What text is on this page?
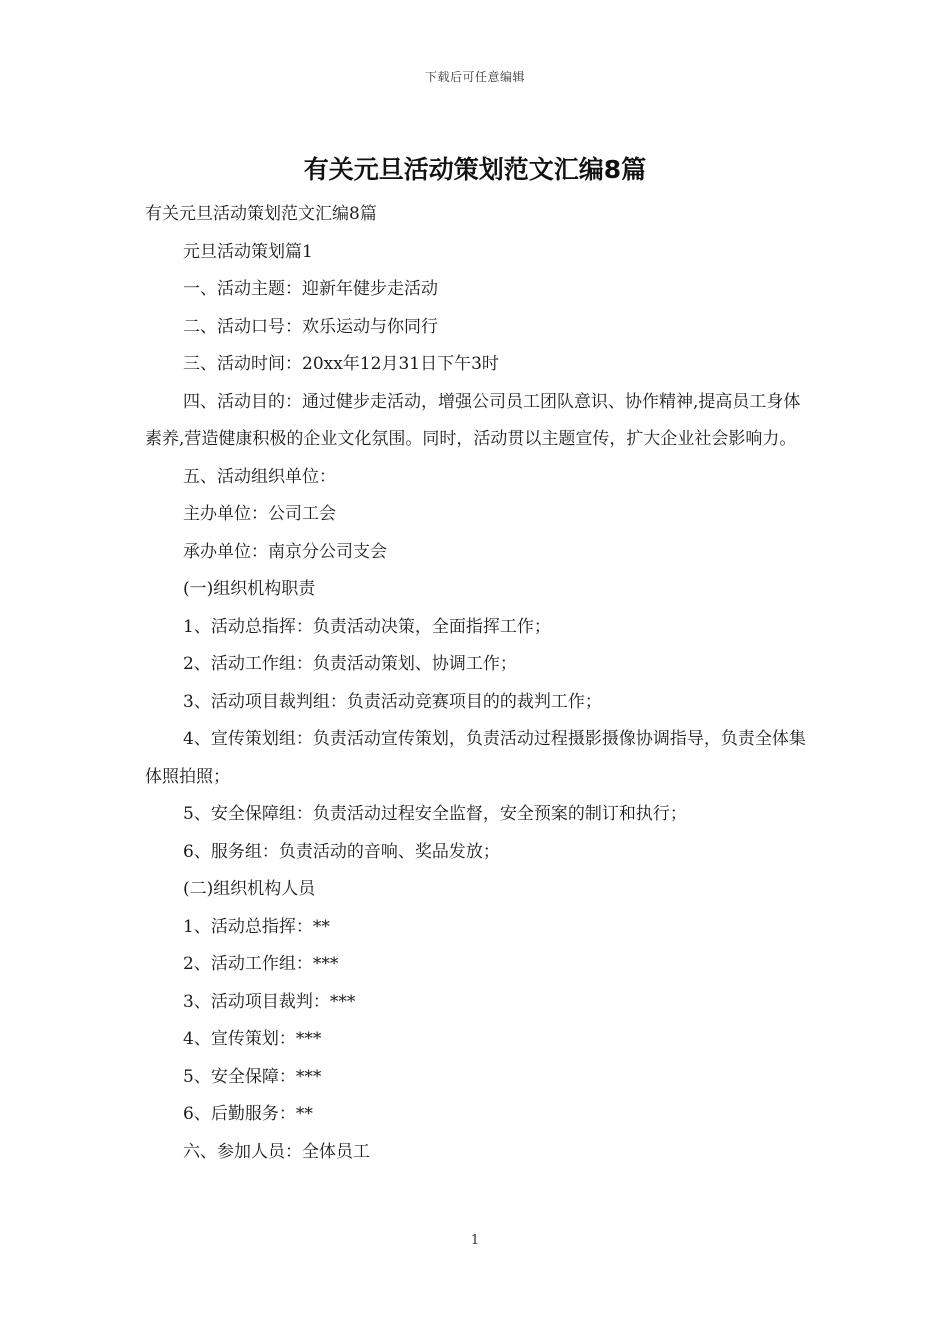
下载后可任意编辑
有关元旦活动策划范文汇编8篇

有关元旦活动策划范文汇编8篇

元旦活动策划篇1

一、活动主题：迎新年健步走活动

二、活动口号：欢乐运动与你同行

三、活动时间：20xx年12月31日下午3时

四、活动目的：通过健步走活动，增强公司员工团队意识、协作精神,提高员工身体素养,营造健康积极的企业文化氛围。同时，活动贯以主题宣传，扩大企业社会影响力。

五、活动组织单位：

主办单位：公司工会

承办单位：南京分公司支会

(一)组织机构职责

1、活动总指挥：负责活动决策，全面指挥工作；

2、活动工作组：负责活动策划、协调工作；

3、活动项目裁判组：负责活动竞赛项目的的裁判工作；

4、宣传策划组：负责活动宣传策划，负责活动过程摄影摄像协调指导，负责全体集体照拍照；

5、安全保障组：负责活动过程安全监督，安全预案的制订和执行；

6、服务组：负责活动的音响、奖品发放；

(二)组织机构人员

1、活动总指挥：**

2、活动工作组：***

3、活动项目裁判：***

4、宣传策划：***

5、安全保障：***

6、后勤服务：**

六、参加人员：全体员工

1
